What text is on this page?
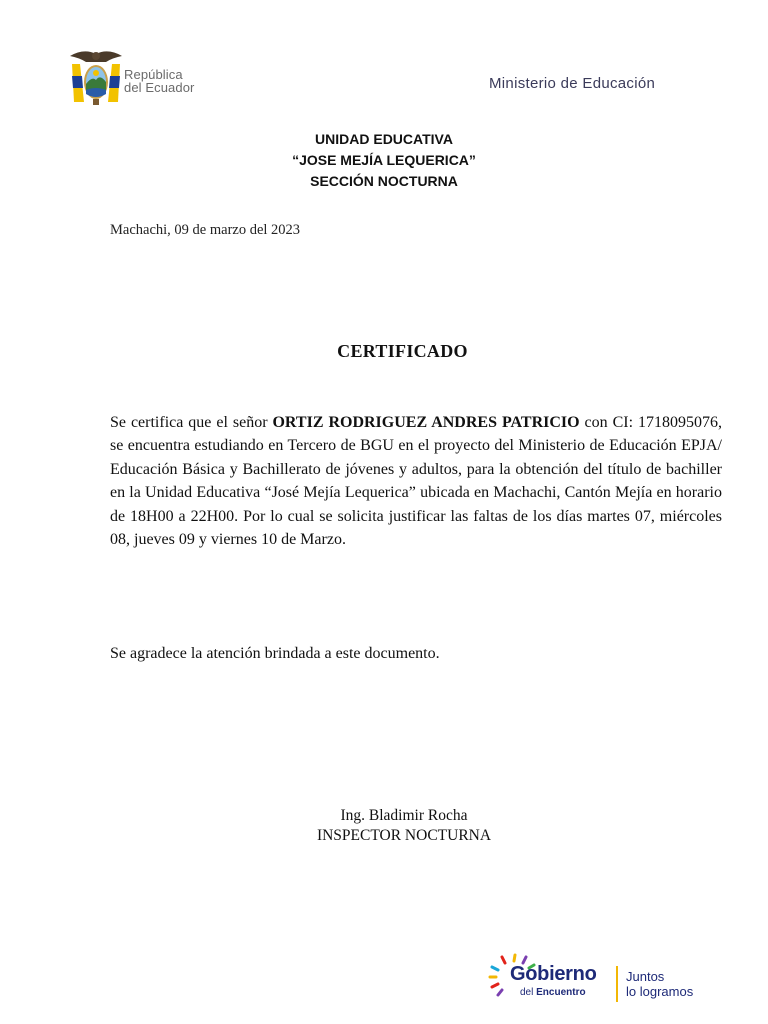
República
del Ecuador	Ministerio de Educación
UNIDAD EDUCATIVA
“JOSE MEJÍA LEQUERICA”
SECCIÓN NOCTURNA
Machachi, 09 de marzo del 2023
CERTIFICADO
Se certifica que el señor ORTIZ RODRIGUEZ ANDRES PATRICIO con CI: 1718095076, se encuentra estudiando en Tercero de BGU en el proyecto del Ministerio de Educación EPJA/ Educación Básica y Bachillerato de jóvenes y adultos, para la obtención del título de bachiller en la Unidad Educativa “José Mejía Lequerica” ubicada en Machachi, Cantón Mejía en horario de 18H00 a 22H00. Por lo cual se solicita justificar las faltas de los días martes 07, miércoles 08, jueves 09 y viernes 10 de Marzo.
Se agradece la atención brindada a este documento.
Ing. Bladimir Rocha
INSPECTOR NOCTURNA
Gobierno
del Encuentro
Juntos
lo logramos
